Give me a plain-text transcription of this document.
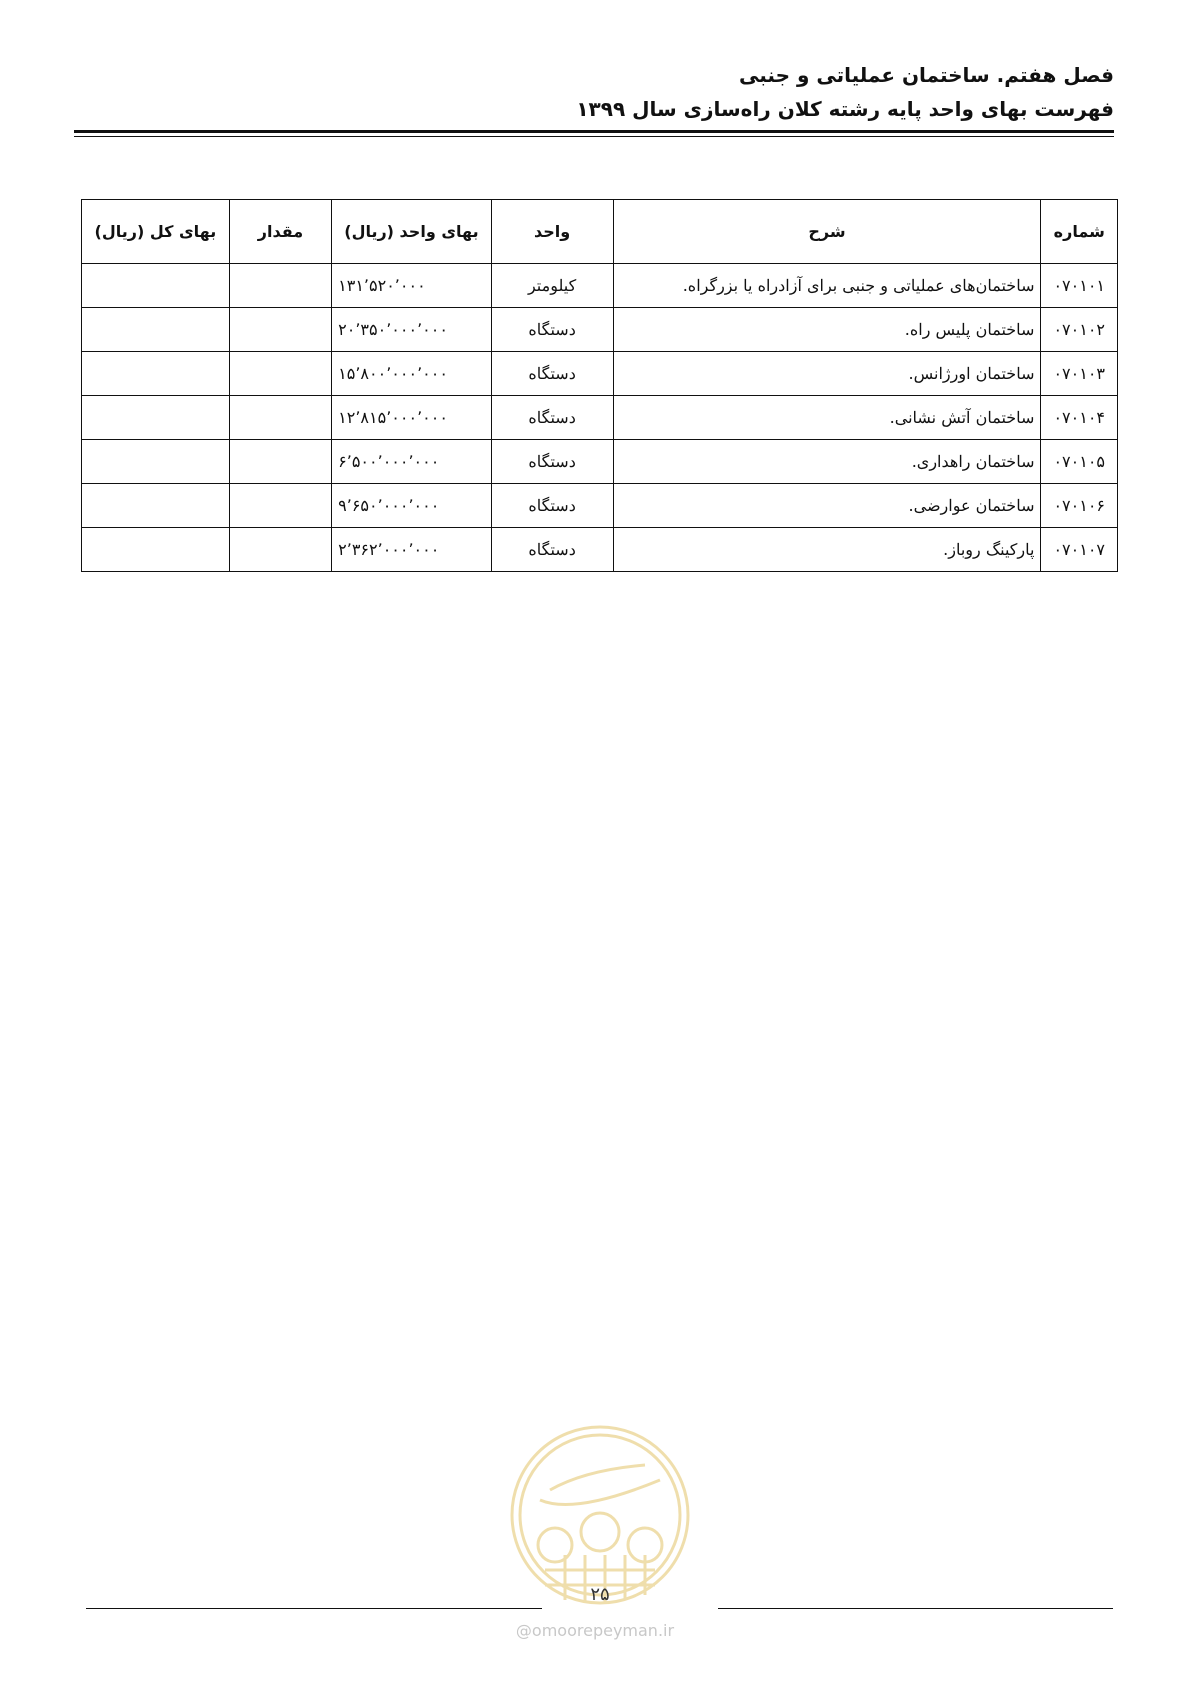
فصل هفتم. ساختمان عملیاتی و جنبی
فهرست بهای واحد پایه رشته کلان راه‌سازی سال ۱۳۹۹
شماره	شرح	واحد	بهای واحد (ریال)	مقدار	بهای کل (ریال)
۰۷۰۱۰۱	ساختمان‌های عملیاتی و جنبی برای آزادراه یا بزرگراه.	کیلومتر	۱۳۱٬۵۲۰٬۰۰۰		
۰۷۰۱۰۲	ساختمان پلیس راه.	دستگاه	۲۰٬۳۵۰٬۰۰۰٬۰۰۰		
۰۷۰۱۰۳	ساختمان اورژانس.	دستگاه	۱۵٬۸۰۰٬۰۰۰٬۰۰۰		
۰۷۰۱۰۴	ساختمان آتش نشانی.	دستگاه	۱۲٬۸۱۵٬۰۰۰٬۰۰۰		
۰۷۰۱۰۵	ساختمان راهداری.	دستگاه	۶٬۵۰۰٬۰۰۰٬۰۰۰		
۰۷۰۱۰۶	ساختمان عوارضی.	دستگاه	۹٬۶۵۰٬۰۰۰٬۰۰۰		
۰۷۰۱۰۷	پارکینگ روباز.	دستگاه	۲٬۳۶۲٬۰۰۰٬۰۰۰		
۲۵
@omoorepeyman.ir
